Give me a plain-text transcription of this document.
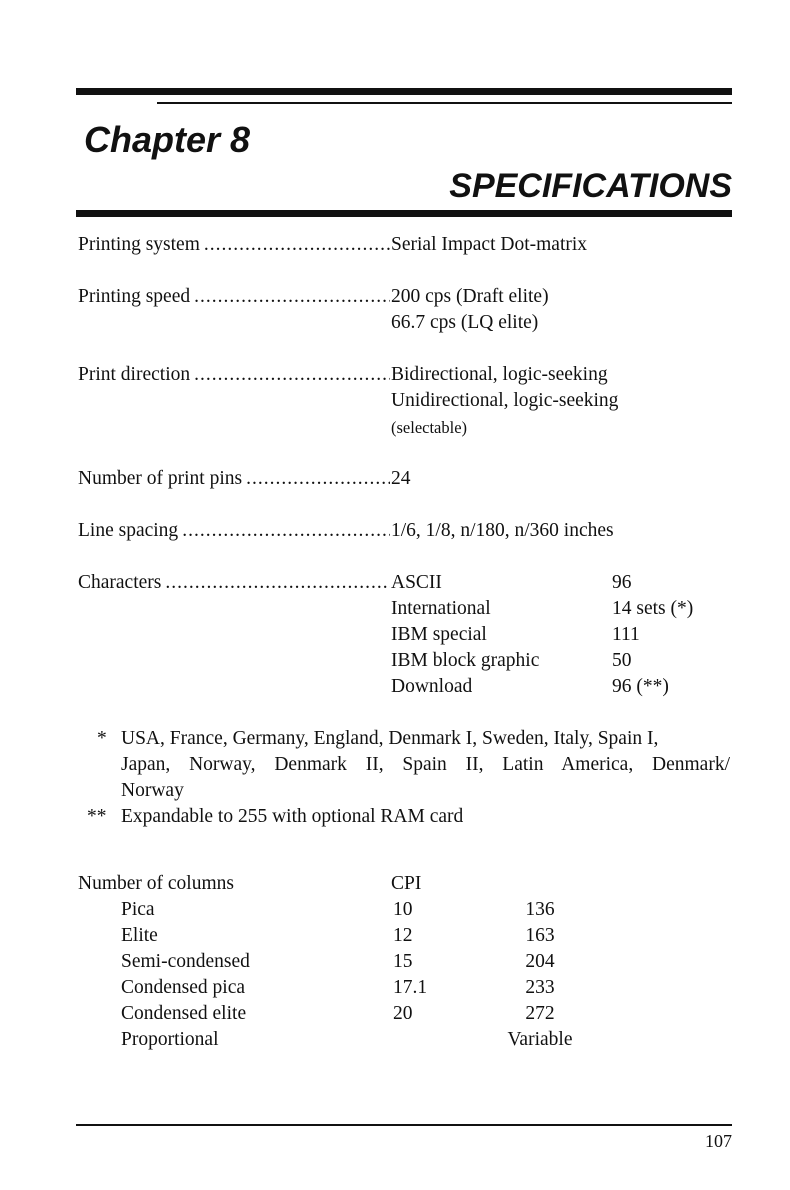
Chapter 8
SPECIFICATIONS
Printing system .....	Serial Impact Dot-matrix
Printing speed .....	200 cps (Draft elite)
66.7 cps (LQ elite)
Print direction .....	Bidirectional, logic-seeking
Unidirectional, logic-seeking
(selectable)
Number of print pins .....	24
Line spacing .....	1/6, 1/8, n/180, n/360 inches
Characters .....	ASCII	96
International	14 sets (*)
IBM special	111
IBM block graphic	50
Download	96 (**)
* USA, France, Germany, England, Denmark I, Sweden, Italy, Spain I,
Japan, Norway, Denmark II, Spain II, Latin America, Denmark/
Norway
** Expandable to 255 with optional RAM card
Number of columns	CPI
Pica	10	136
Elite	12	163
Semi-condensed	15	204
Condensed pica	17.1	233
Condensed elite	20	272
Proportional	Variable
107
